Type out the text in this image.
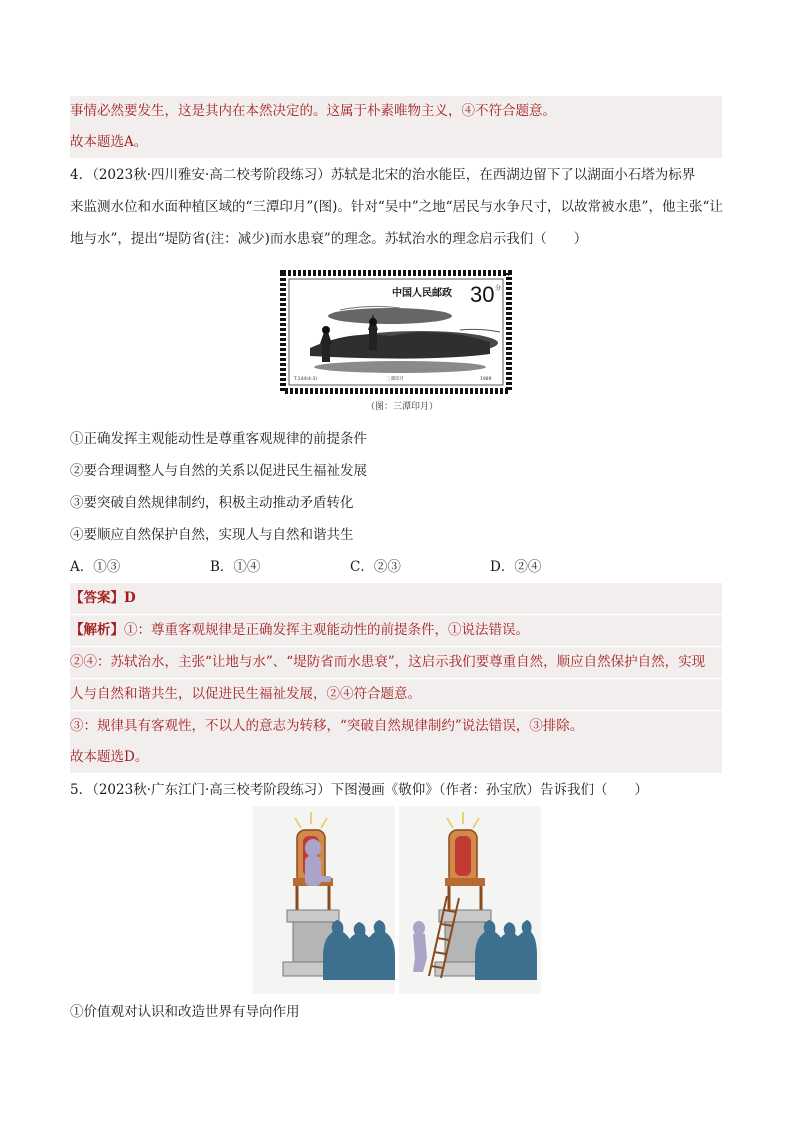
事情必然要发生，这是其内在本然决定的。这属于朴素唯物主义，④不符合题意。
故本题选A。
4．（2023秋·四川雅安·高二校考阶段练习）苏轼是北宋的治水能臣，在西湖边留下了以湖面小石塔为标界
来监测水位和水面种植区域的“三潭印月”(图)。针对“吴中”之地“居民与水争尺寸，以故常被水患”，他主张“让
地与水”，提出“堤防省(注：减少)而水患衰”的理念。苏轼治水的理念启示我们（　　）
中国人民邮政 30 分
T.144(4-3)	三潭印月	1989
（图：三潭印月）
①正确发挥主观能动性是尊重客观规律的前提条件
②要合理调整人与自然的关系以促进民生福祉发展
③要突破自然规律制约，积极主动推动矛盾转化
④要顺应自然保护自然，实现人与自然和谐共生
A．①③	B．①④	C．②③	D．②④
【答案】D
【解析】①：尊重客观规律是正确发挥主观能动性的前提条件，①说法错误。
②④：苏轼治水，主张“让地与水”、“堤防省而水患衰”，这启示我们要尊重自然，顺应自然保护自然，实现
人与自然和谐共生，以促进民生福祉发展，②④符合题意。
③：规律具有客观性，不以人的意志为转移，“突破自然规律制约”说法错误，③排除。
故本题选D。
5．（2023秋·广东江门·高三校考阶段练习）下图漫画《敬仰》（作者：孙宝欣）告诉我们（　　）
①价值观对认识和改造世界有导向作用
